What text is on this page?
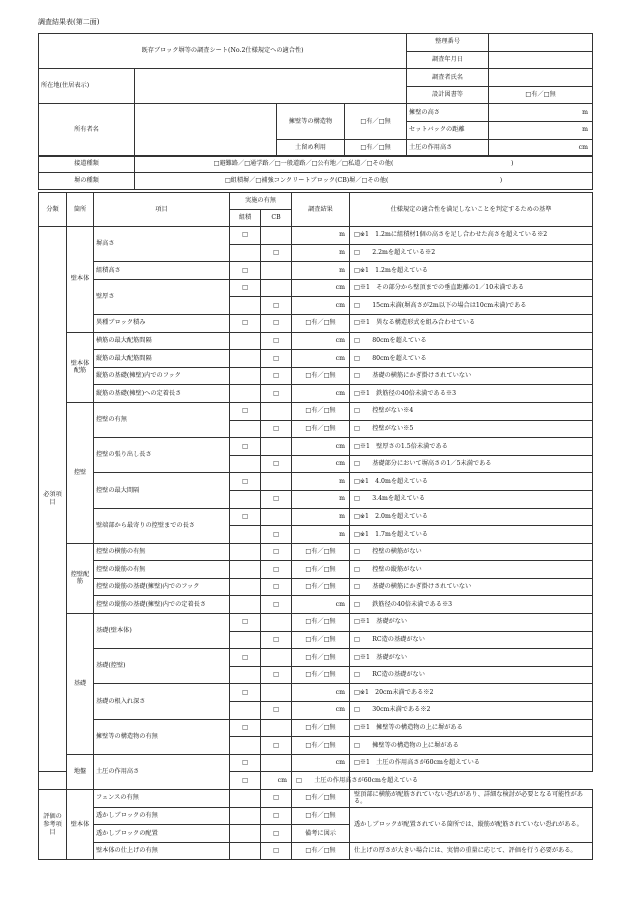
調査結果表(第二面)
既存ブロック塀等の調査シート(No.2仕様規定への適合性)				整理番号	
				調査年月日	
所在地(住居表示)				調査者氏名	
				設計図書等	□有／□無
所有者名		擁壁等の構造物	□有／□無	擁壁の高さ	m
				セットバックの距離	m
		土留め利用	□有／□無	土圧の作用高さ	cm
接道種類	□避難路／□通学路／□一般道路／□公有地／□私道／□その他(　　　　　　　　　　　　　　　　　　　)
塀の種類	□組積塀／□補強コンクリートブロック(CB)塀／□その他(　　　　　　　　　　　　　　　　　　)
分類	箇所	項目	実施の有無		調査結果	仕様規定の適合性を満足しないことを判定するための基準
			組積	CB		
必須項目	壁本体	塀高さ	□		m	□※1　1.2mに組積材1個の高さを足し合わせた高さを超えている※2
				□	m	□　　2.2mを超えている※2
		組積高さ	□		m	□※1　1.2mを超えている
		壁厚さ	□		cm	□※1　その部分から壁頂までの垂直距離の1／10未満である
				□	cm	□　　15cm未満(塀高さが2m以下の場合は10cm未満)である
		異種ブロック積み	□	□	□有／□無	□※1　異なる構造形式を組み合わせている
	壁本体配筋	横筋の最大配筋間隔		□	cm	□　　80cmを超えている
		縦筋の最大配筋間隔		□	cm	□　　80cmを超えている
		縦筋の基礎(擁壁)内でのフック		□	□有／□無	□　　基礎の横筋にかぎ掛けされていない
		縦筋の基礎(擁壁)への定着長さ		□	cm	□※1　鉄筋径の40倍未満である※3
	控壁	控壁の有無	□		□有／□無	□　　控壁がない※4
				□	□有／□無	□　　控壁がない※5
		控壁の張り出し長さ	□		cm	□※1　壁厚さの1.5倍未満である
				□	cm	□　　基礎部分において塀高さの1／5未満である
		控壁の最大間隔	□		m	□※1　4.0mを超えている
				□	m	□　　3.4mを超えている
		壁端部から最寄りの控壁までの長さ	□		m	□※1　2.0mを超えている
				□	m	□※1　1.7mを超えている
	控壁配筋	控壁の横筋の有無		□	□有／□無	□　　控壁の横筋がない
		控壁の縦筋の有無		□	□有／□無	□　　控壁の縦筋がない
		控壁の縦筋の基礎(擁壁)内でのフック		□	□有／□無	□　　基礎の横筋にかぎ掛けされていない
		控壁の縦筋の基礎(擁壁)内での定着長さ		□	cm	□　　鉄筋径の40倍未満である※3
	基礎	基礎(壁本体)	□		□有／□無	□※1　基礎がない
				□	□有／□無	□　　RC造の基礎がない
		基礎(控壁)	□		□有／□無	□※1　基礎がない
				□	□有／□無	□　　RC造の基礎がない
		基礎の根入れ深さ	□		cm	□※1　20cm未満である※2
				□	cm	□　　30cm未満である※2
		擁壁等の構造物の有無	□		□有／□無	□※1　擁壁等の構造物の上に塀がある
				□	□有／□無	□　　擁壁等の構造物の上に塀がある
	地盤	土圧の作用高さ	□		cm	□※1　土圧の作用高さが60cmを超えている
			□	cm	□　　土圧の作用高さが60cmを超えている	
評価の参考項目	壁本体	フェンスの有無		□	□有／□無	壁頂部に横筋が配筋されていない恐れがあり、詳細な検討が必要となる可能性がある。
		透かしブロックの有無		□	□有／□無	透かしブロックが配置されている箇所では、縦筋が配筋されていない恐れがある。
		透かしブロックの配置		□	備考に図示	
		壁本体の仕上げの有無		□	□有／□無	仕上げの厚さが大きい場合には、実情の重量に応じて、評価を行う必要がある。
